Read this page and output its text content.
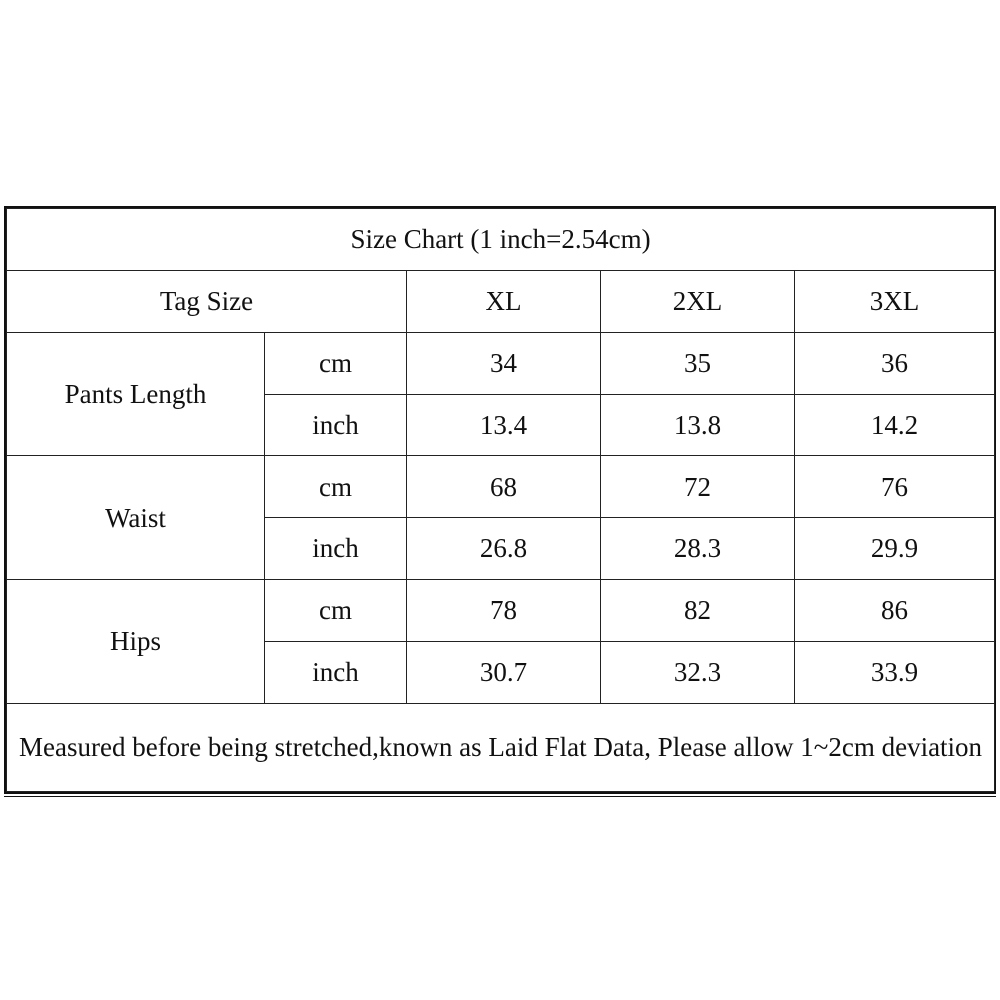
Size Chart (1 inch=2.54cm)				
Tag Size		XL	2XL	3XL
Pants Length	cm	34	35	36
	inch	13.4	13.8	14.2
Waist	cm	68	72	76
	inch	26.8	28.3	29.9
Hips	cm	78	82	86
	inch	30.7	32.3	33.9
Measured before being stretched,known as Laid Flat Data, Please allow 1~2cm deviation				
